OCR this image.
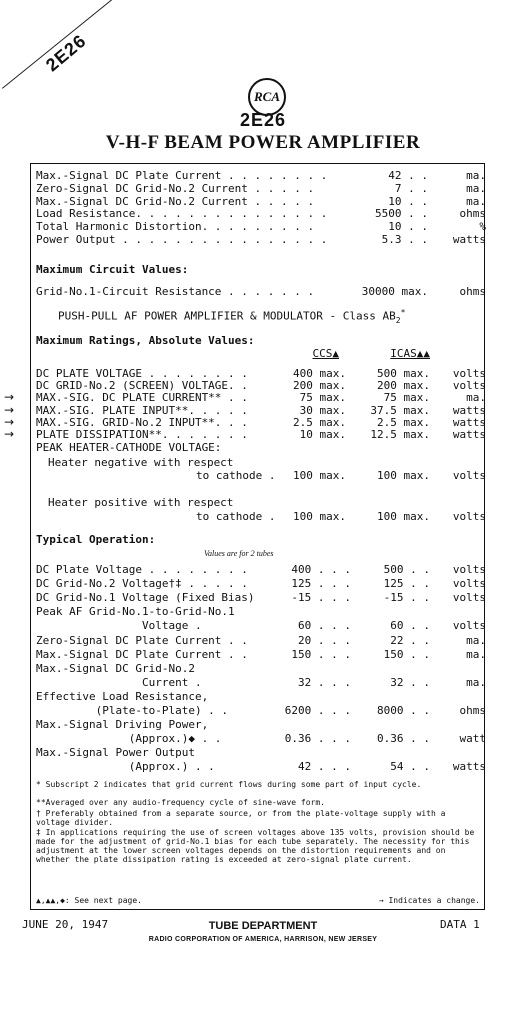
2E26
RCA
2E26
V-H-F BEAM POWER AMPLIFIER
Max.-Signal DC Plate Current . . . . . . . .	42 . .	ma.
Zero-Signal DC Grid-No.2 Current . . . . .	7 . .	ma.
Max.-Signal DC Grid-No.2 Current . . . . .	10 . .	ma.
Load Resistance. . . . . . . . . . . . . . .	5500 . .	ohms
Total Harmonic Distortion. . . . . . . . .	10 . .	%
Power Output . . . . . . . . . . . . . . . .	5.3 . . watts
Maximum Circuit Values:
Grid-No.1-Circuit Resistance . . . . . . .	30000 max.	ohms
PUSH-PULL AF POWER AMPLIFIER & MODULATOR - Class $AB_2^*$
Maximum Ratings, Absolute Values:
CCS▲	ICAS▲▲
DC PLATE VOLTAGE . . . . . . . .	400 max.	500 max. volts
DC GRID-No.2 (SCREEN) VOLTAGE. .	200 max.	200 max. volts
→ MAX.-SIG. DC PLATE CURRENT** . .	75 max.	75 max.	ma.
→ MAX.-SIG. PLATE INPUT**. . . . .	30 max. 37.5 max. watts
→ MAX.-SIG. GRID-No.2 INPUT**. . .	2.5 max.	2.5 max. watts
→ PLATE DISSIPATION**. . . . . . .	10 max. 12.5 max. watts
PEAK HEATER-CATHODE VOLTAGE:
Heater negative with respect
to cathode . 100 max.	100 max. volts
Heater positive with respect
to cathode . 100 max.	100 max. volts
Typical Operation:
Values are for 2 tubes
DC Plate Voltage . . . . . . . .	400 . . .	500 . . volts
DC Grid-No.2 Voltage†‡ . . . . .	125 . . .	125 . . volts
DC Grid-No.1 Voltage (Fixed Bias)	-15 . . .	-15 . . volts
Peak AF Grid-No.1-to-Grid-No.1
Voltage .	60 . . .	60 . . volts
Zero-Signal DC Plate Current . .	20 . . .	22 . .	ma.
Max.-Signal DC Plate Current . .	150 . . .	150 . .	ma.
Max.-Signal DC Grid-No.2
Current .	32 . . .	32 . .	ma.
Effective Load Resistance,
(Plate-to-Plate) . .	6200 . . . 8000 . .	ohms
Max.-Signal Driving Power,
(Approx.)◆ . .	0.36 . . . 0.36 . .	watt
Max.-Signal Power Output
(Approx.) . .	42 . . .	54 . . watts
* Subscript 2 indicates that grid current flows during some part of input cycle.
**Averaged over any audio-frequency cycle of sine-wave form.
† Preferably obtained from a separate source, or from the plate-voltage supply with a voltage divider.
‡ In applications requiring the use of screen voltages above 135 volts, provision should be made for the adjustment of grid-No.1 bias for each tube separately. The necessity for this adjustment at the lower screen voltages depends on the distortion requirements and on whether the plate dissipation rating is exceeded at zero-signal plate current.
▲,▲▲,◆: See next page.	→ Indicates a change.
JUNE 20, 1947	TUBE DEPARTMENT
RADIO CORPORATION OF AMERICA, HARRISON, NEW JERSEY
DATA 1
